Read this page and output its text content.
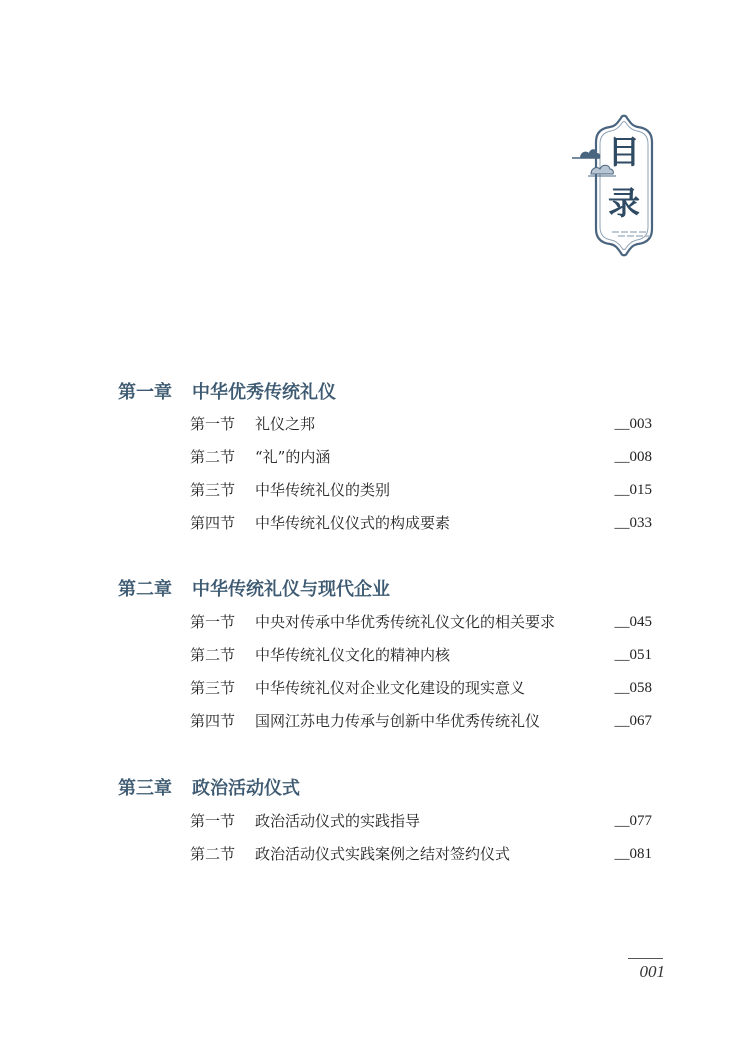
目
录
第一章 中华优秀传统礼仪
第一节 礼仪之邦	__003
第二节 “礼”的内涵	__008
第三节 中华传统礼仪的类别	__015
第四节 中华传统礼仪仪式的构成要素	__033
第二章 中华传统礼仪与现代企业
第一节 中央对传承中华优秀传统礼仪文化的相关要求	__045
第二节 中华传统礼仪文化的精神内核	__051
第三节 中华传统礼仪对企业文化建设的现实意义	__058
第四节 国网江苏电力传承与创新中华优秀传统礼仪	__067
第三章 政治活动仪式
第一节 政治活动仪式的实践指导	__077
第二节 政治活动仪式实践案例之结对签约仪式	__081
001
